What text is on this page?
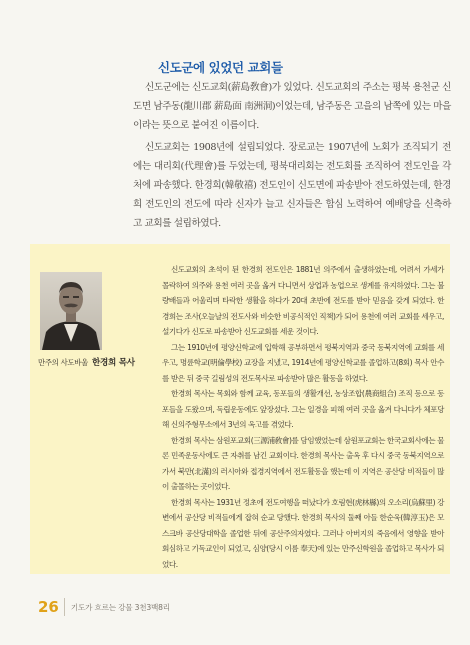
신도군에 있었던 교회들

신도군에는 신도교회(薪島敎會)가 있었다. 신도교회의 주소는 평북 용천군 신도면 남주동(龍川郡 薪島面 南洲洞)이었는데, 남주동은 고을의 남쪽에 있는 마을이라는 뜻으로 붙여진 이름이다.

신도교회는 1908년에 설립되었다. 장로교는 1907년에 노회가 조직되기 전에는 대리회(代理會)를 두었는데, 평북대리회는 전도회를 조직하여 전도인을 각처에 파송했다. 한경희(韓敬禧) 전도인이 신도면에 파송받아 전도하였는데, 한경희 전도인의 전도에 따라 신자가 늘고 신자들은 합심 노력하여 예배당을 신축하고 교회를 설립하였다.

만주의 사도바울 한경희 목사

신도교회의 초석이 된 한경희 전도인은 1881년 의주에서 출생하였는데, 어려서 가세가 몰락하여 의주와 용천 여러 곳을 옮겨 다니면서 상업과 농업으로 생계를 유지하였다. 그는 불량배들과 어울리며 타락한 생활을 하다가 20대 초반에 전도를 받아 믿음을 갖게 되었다. 한경희는 조사(오늘날의 전도사와 비슷한 비공식적인 직책)가 되어 용천에 여러 교회를 세우고, 설기다가 신도로 파송받아 신도교회를 세운 것이다.

그는 1910년에 평양신학교에 입학해 공부하면서 평북지역과 중국 동북지역에 교회를 세우고, 명륜학교(明倫學校) 교장을 지냈고, 1914년에 평양신학교를 졸업하고(8회) 목사 안수를 받은 뒤 중국 길림성의 전도목사로 파송받아 많은 활동을 하였다.

한경희 목사는 목회와 함께 교육, 동포들의 생활개선, 농상조합(農商組合) 조직 등으로 동포들을 도왔으며, 독립운동에도 앞장섰다. 그는 일경을 피해 여러 곳을 옮겨 다니다가 체포당해 신의주형무소에서 3년의 옥고를 겪었다.

한경희 목사는 삼원포교회(三源浦敎會)를 담임했었는데 삼원포교회는 한국교회사에는 물론 민족운동사에도 큰 자취를 남긴 교회이다. 한경희 목사는 출옥 후 다시 중국 동북지역으로 가서 북만(北滿)의 러시아와 접경지역에서 전도활동을 했는데 이 지역은 공산당 비적들이 많이 출몰하는 곳이었다.

한경희 목사는 1931년 정초에 전도여행을 떠났다가 호림현(虎林縣)의 오소리(烏蘇里) 강변에서 공산당 비적들에게 잡혀 순교 당했다. 한경희 목사의 둘째 아들 한순욱(韓淳玉)은 모스크바 공산당대학을 졸업한 뒤에 공산주의자였다. 그러나 아버지의 죽음에서 영향을 받아 회심하고 기독교인이 되었고, 심양(당시 이름 奉天)에 있는 만주신학원을 졸업하고 목사가 되었다.

26 기도가 흐르는 강물 3천3백8리
